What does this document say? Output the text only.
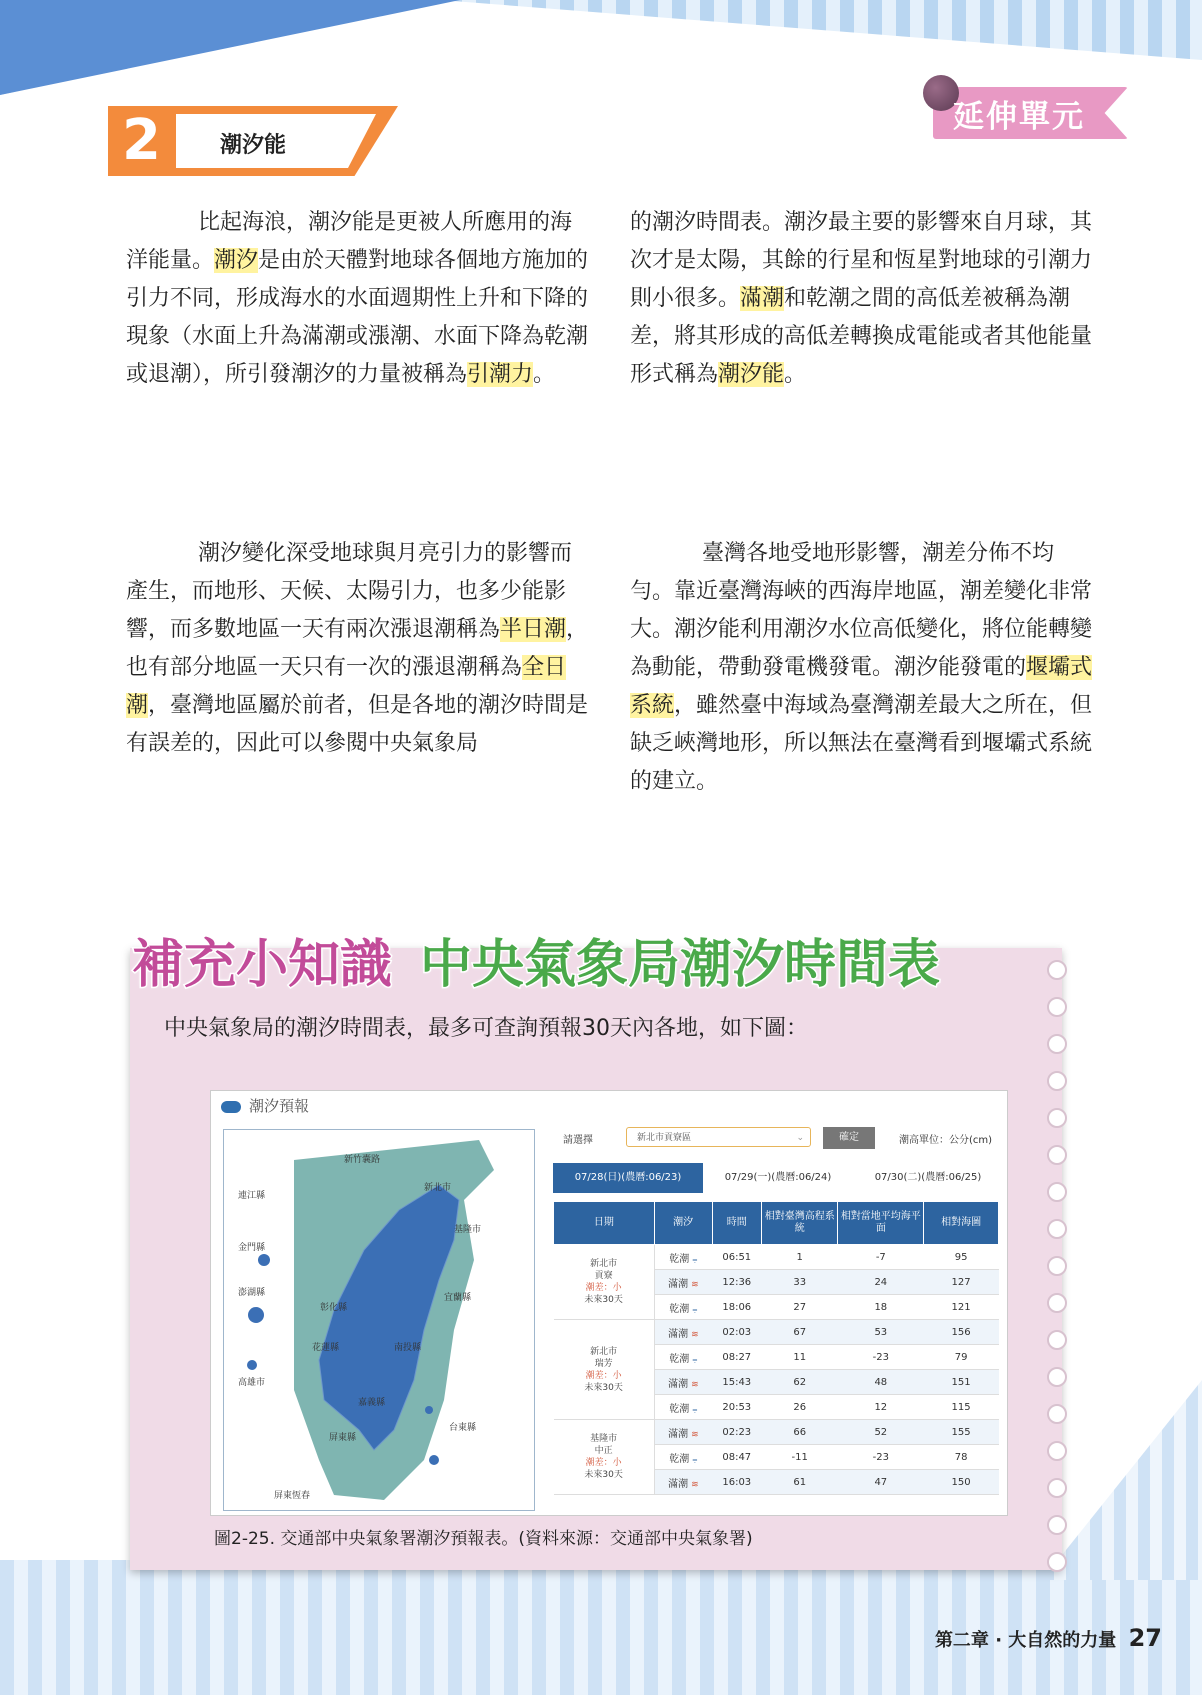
延伸單元
2	潮汐能

比起海浪，潮汐能是更被人所應用的海洋能量。潮汐是由於天體對地球各個地方施加的引力不同，形成海水的水面週期性上升和下降的現象（水面上升為滿潮或漲潮、水面下降為乾潮或退潮），所引發潮汐的力量被稱為引潮力。

的潮汐時間表。潮汐最主要的影響來自月球，其次才是太陽，其餘的行星和恆星對地球的引潮力則小很多。滿潮和乾潮之間的高低差被稱為潮差，將其形成的高低差轉換成電能或者其他能量形式稱為潮汐能。

潮汐變化深受地球與月亮引力的影響而產生，而地形、天候、太陽引力，也多少能影響，而多數地區一天有兩次漲退潮稱為半日潮，也有部分地區一天只有一次的漲退潮稱為全日潮，臺灣地區屬於前者，但是各地的潮汐時間是有誤差的，因此可以參閱中央氣象局

臺灣各地受地形影響，潮差分佈不均勻。靠近臺灣海峽的西海岸地區，潮差變化非常大。潮汐能利用潮汐水位高低變化，將位能轉變為動能，帶動發電機發電。潮汐能發電的堰壩式系統，雖然臺中海域為臺灣潮差最大之所在，但缺乏峽灣地形，所以無法在臺灣看到堰壩式系統的建立。

補充小知識 中央氣象局潮汐時間表

中央氣象局的潮汐時間表，最多可查詢預報30天內各地，如下圖：

潮汐預報
新竹囊路
彰化縣
澎湖縣
金門縣
連江縣
新北市
基隆市
宜蘭縣
花蓮縣	南投縣
嘉義縣
高雄市
台東縣
屏東縣
屏東恆春
請選擇	新北市貢寮區	⌄	確定	潮高單位：公分(cm)
07/28(日)(農曆:06/23)	07/29(一)(農曆:06/24)	07/30(二)(農曆:06/25)
日期	潮汐	時間	相對臺灣高程系統	相對當地平均海平面	相對海圖

新北市
貢寮
潮差：小
未來30天	乾潮 ⩦	06:51	1	-7	95
	滿潮 ≋	12:36	33	24	127
	乾潮 ⩦	18:06	27	18	121

新北市
瑞芳
潮差：小
未來30天	滿潮 ≋	02:03	67	53	156
	乾潮 ⩦	08:27	11	-23	79
	滿潮 ≋	15:43	62	48	151
	乾潮 ⩦	20:53	26	12	115

基隆市
中正
潮差：小
未來30天	滿潮 ≋	02:23	66	52	155
	乾潮 ⩦	08:47	-11	-23	78
	滿潮 ≋	16:03	61	47	150
圖2-25. 交通部中央氣象署潮汐預報表。(資料來源：交通部中央氣象署)
第二章 · 大自然的力量 27
